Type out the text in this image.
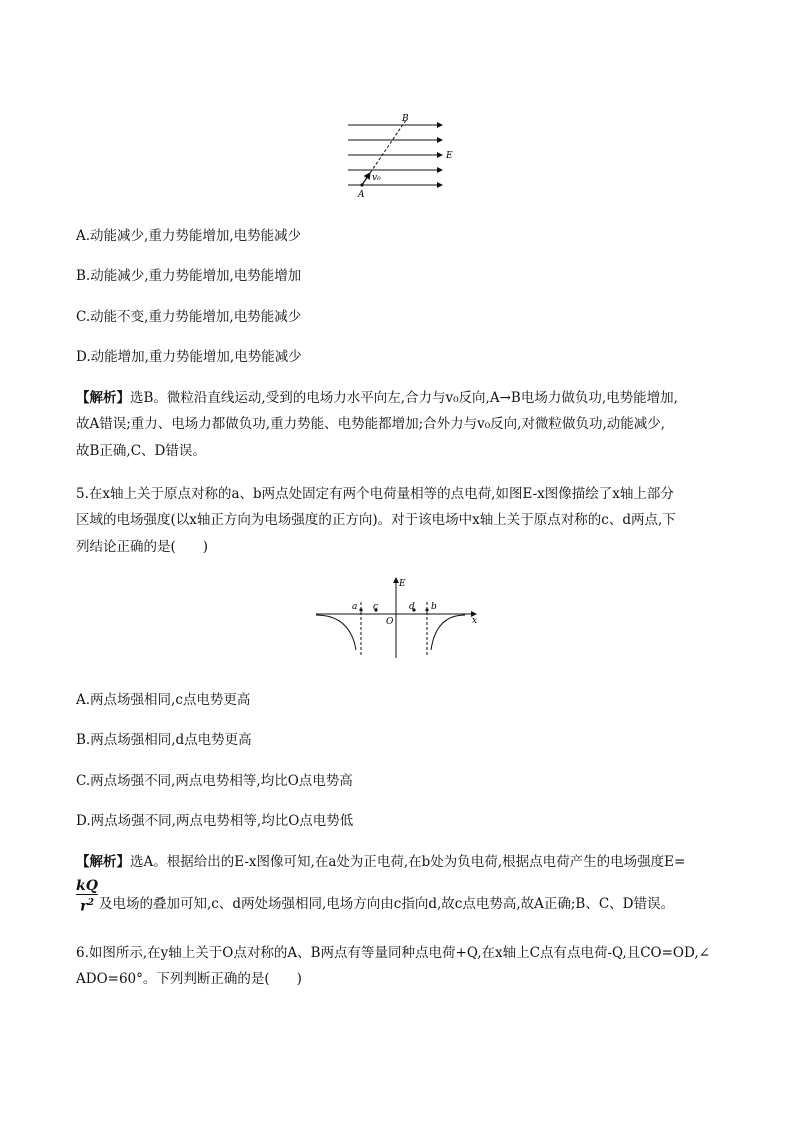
B
E
A
v₀
A.动能减少,重力势能增加,电势能减少
B.动能减少,重力势能增加,电势能增加
C.动能不变,重力势能增加,电势能减少
D.动能增加,重力势能增加,电势能减少
【解析】选B。微粒沿直线运动,受到的电场力水平向左,合力与v₀反向,A→B电场力做负功,电势能增加,
故A错误;重力、电场力都做负功,重力势能、电势能都增加;合外力与v₀反向,对微粒做负功,动能减少,
故B正确,C、D错误。
5.在x轴上关于原点对称的a、b两点处固定有两个电荷量相等的点电荷,如图E-x图像描绘了x轴上部分
区域的电场强度(以x轴正方向为电场强度的正方向)。对于该电场中x轴上关于原点对称的c、d两点,下
列结论正确的是(　　)
a c	d b
O
E
x
A.两点场强相同,c点电势更高
B.两点场强相同,d点电势更高
C.两点场强不同,两点电势相等,均比O点电势高
D.两点场强不同,两点电势相等,均比O点电势低
【解析】选A。根据给出的E-x图像可知,在a处为正电荷,在b处为负电荷,根据点电荷产生的电场强度E=
$\frac{kQ}{r^2}$ 及电场的叠加可知,c、d两处场强相同,电场方向由c指向d,故c点电势高,故A正确;B、C、D错误。
6.如图所示,在y轴上关于O点对称的A、B两点有等量同种点电荷+Q,在x轴上C点有点电荷-Q,且CO=OD,∠
ADO=60°。下列判断正确的是(　　)
